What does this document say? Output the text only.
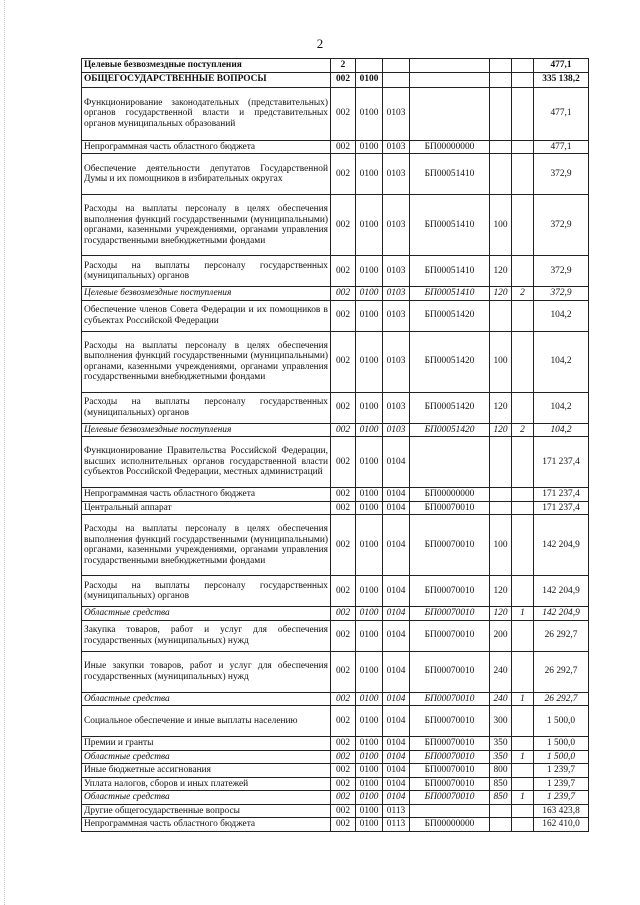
2
Целевые безвозмездные поступления	2						477,1
ОБЩЕГОСУДАРСТВЕННЫЕ ВОПРОСЫ	002	0100					335 138,2
Функционирование законодательных (представительных) органов государственной власти и представительных органов муниципальных образований	002	0100	0103				477,1
Непрограммная часть областного бюджета	002	0100	0103	БП00000000			477,1
Обеспечение деятельности депутатов Государственной Думы и их помощников в избирательных округах	002	0100	0103	БП00051410			372,9
Расходы на выплаты персоналу в целях обеспечения выполнения функций государственными (муниципальными) органами, казенными учреждениями, органами управления государственными внебюджетными фондами	002	0100	0103	БП00051410	100		372,9
Расходы на выплаты персоналу государственных (муниципальных) органов	002	0100	0103	БП00051410	120		372,9
Целевые безвозмездные поступления	002	0100	0103	БП00051410	120	2	372,9
Обеспечение членов Совета Федерации и их помощников в субъектах Российской Федерации	002	0100	0103	БП00051420			104,2
Расходы на выплаты персоналу в целях обеспечения выполнения функций государственными (муниципальными) органами, казенными учреждениями, органами управления государственными внебюджетными фондами	002	0100	0103	БП00051420	100		104,2
Расходы на выплаты персоналу государственных (муниципальных) органов	002	0100	0103	БП00051420	120		104,2
Целевые безвозмездные поступления	002	0100	0103	БП00051420	120	2	104,2
Функционирование Правительства Российской Федерации, высших исполнительных органов государственной власти субъектов Российской Федерации, местных администраций	002	0100	0104				171 237,4
Непрограммная часть областного бюджета	002	0100	0104	БП00000000			171 237,4
Центральный аппарат	002	0100	0104	БП00070010			171 237,4
Расходы на выплаты персоналу в целях обеспечения выполнения функций государственными (муниципальными) органами, казенными учреждениями, органами управления государственными внебюджетными фондами	002	0100	0104	БП00070010	100		142 204,9
Расходы на выплаты персоналу государственных (муниципальных) органов	002	0100	0104	БП00070010	120		142 204,9
Областные средства	002	0100	0104	БП00070010	120	1	142 204,9
Закупка товаров, работ и услуг для обеспечения государственных (муниципальных) нужд	002	0100	0104	БП00070010	200		26 292,7
Иные закупки товаров, работ и услуг для обеспечения государственных (муниципальных) нужд	002	0100	0104	БП00070010	240		26 292,7
Областные средства	002	0100	0104	БП00070010	240	1	26 292,7
Социальное обеспечение и иные выплаты населению	002	0100	0104	БП00070010	300		1 500,0
Премии и гранты	002	0100	0104	БП00070010	350		1 500,0
Областные средства	002	0100	0104	БП00070010	350	1	1 500,0
Иные бюджетные ассигнования	002	0100	0104	БП00070010	800		1 239,7
Уплата налогов, сборов и иных платежей	002	0100	0104	БП00070010	850		1 239,7
Областные средства	002	0100	0104	БП00070010	850	1	1 239,7
Другие общегосударственные вопросы	002	0100	0113				163 423,8
Непрограммная часть областного бюджета	002	0100	0113	БП00000000			162 410,0
